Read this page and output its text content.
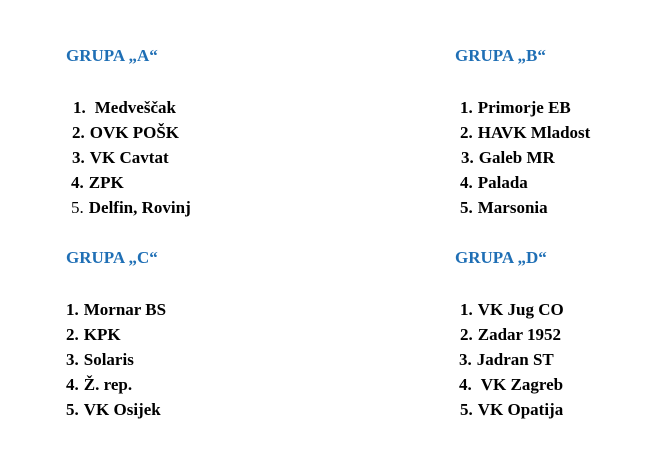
GRUPA „A“
1. Medveščak
2. OVK POŠK
3. VK Cavtat
4. ZPK
5. Delfin, Rovinj
GRUPA „B“
1. Primorje EB
2. HAVK Mladost
3. Galeb MR
4. Palada
5. Marsonia
GRUPA „C“
1. Mornar BS
2. KPK
3. Solaris
4. Ž. rep.
5. VK Osijek
GRUPA „D“
1. VK Jug CO
2. Zadar 1952
3. Jadran ST
4. VK Zagreb
5. VK Opatija
